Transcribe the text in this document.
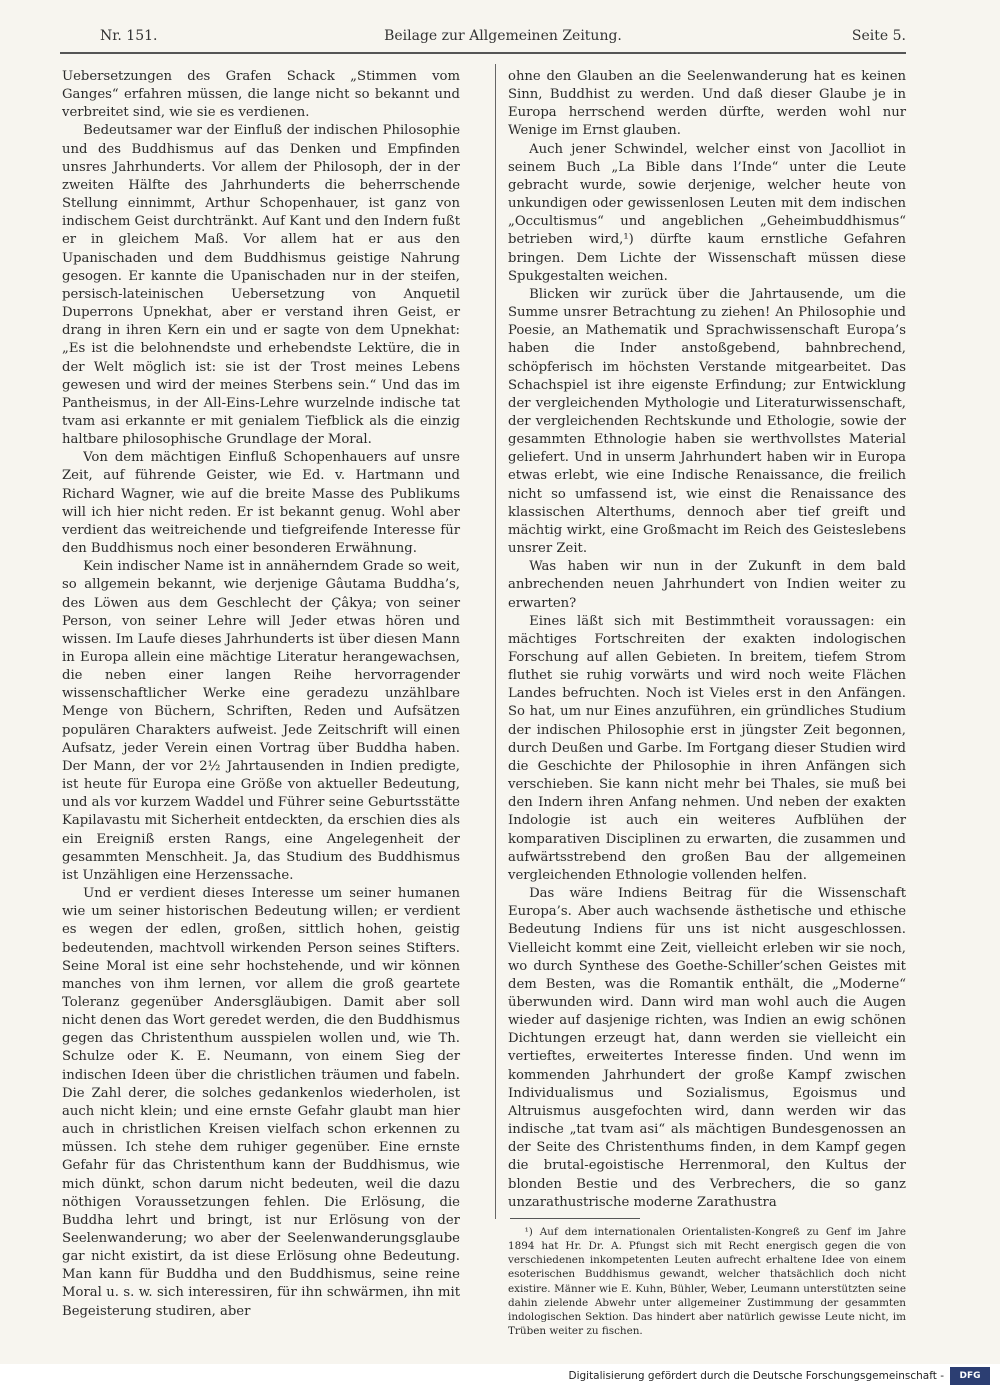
Nr. 151.	Beilage zur Allgemeinen Zeitung.	Seite 5.

Uebersetzungen des Grafen Schack „Stimmen vom Ganges“ erfahren müssen, die lange nicht so bekannt und verbreitet sind, wie sie es verdienen.

Bedeutsamer war der Einfluß der indischen Philosophie und des Buddhismus auf das Denken und Empfinden unsres Jahrhunderts. Vor allem der Philosoph, der in der zweiten Hälfte des Jahrhunderts die beherrschende Stellung einnimmt, Arthur Schopenhauer, ist ganz von indischem Geist durchtränkt. Auf Kant und den Indern fußt er in gleichem Maß. Vor allem hat er aus den Upanischaden und dem Buddhismus geistige Nahrung gesogen. Er kannte die Upanischaden nur in der steifen, persisch-lateinischen Uebersetzung von Anquetil Duperrons Upnekhat, aber er verstand ihren Geist, er drang in ihren Kern ein und er sagte von dem Upnekhat: „Es ist die belohnendste und erhebendste Lektüre, die in der Welt möglich ist: sie ist der Trost meines Lebens gewesen und wird der meines Sterbens sein.“ Und das im Pantheismus, in der All-Eins-Lehre wurzelnde indische tat tvam asi erkannte er mit genialem Tiefblick als die einzig haltbare philosophische Grundlage der Moral.

Von dem mächtigen Einfluß Schopenhauers auf unsre Zeit, auf führende Geister, wie Ed. v. Hartmann und Richard Wagner, wie auf die breite Masse des Publikums will ich hier nicht reden. Er ist bekannt genug. Wohl aber verdient das weitreichende und tiefgreifende Interesse für den Buddhismus noch einer besonderen Erwähnung.

Kein indischer Name ist in annäherndem Grade so weit, so allgemein bekannt, wie derjenige Gâutama Buddha’s, des Löwen aus dem Geschlecht der Çâkya; von seiner Person, von seiner Lehre will Jeder etwas hören und wissen. Im Laufe dieses Jahrhunderts ist über diesen Mann in Europa allein eine mächtige Literatur herangewachsen, die neben einer langen Reihe hervorragender wissenschaftlicher Werke eine geradezu unzählbare Menge von Büchern, Schriften, Reden und Aufsätzen populären Charakters aufweist. Jede Zeitschrift will einen Aufsatz, jeder Verein einen Vortrag über Buddha haben. Der Mann, der vor 2½ Jahrtausenden in Indien predigte, ist heute für Europa eine Größe von aktueller Bedeutung, und als vor kurzem Waddel und Führer seine Geburtsstätte Kapilavastu mit Sicherheit entdeckten, da erschien dies als ein Ereigniß ersten Rangs, eine Angelegenheit der gesammten Menschheit. Ja, das Studium des Buddhismus ist Unzähligen eine Herzenssache.

Und er verdient dieses Interesse um seiner humanen wie um seiner historischen Bedeutung willen; er verdient es wegen der edlen, großen, sittlich hohen, geistig bedeutenden, machtvoll wirkenden Person seines Stifters. Seine Moral ist eine sehr hochstehende, und wir können manches von ihm lernen, vor allem die groß geartete Toleranz gegenüber Andersgläubigen. Damit aber soll nicht denen das Wort geredet werden, die den Buddhismus gegen das Christenthum ausspielen wollen und, wie Th. Schulze oder K. E. Neumann, von einem Sieg der indischen Ideen über die christlichen träumen und fabeln. Die Zahl derer, die solches gedankenlos wiederholen, ist auch nicht klein; und eine ernste Gefahr glaubt man hier auch in christlichen Kreisen vielfach schon erkennen zu müssen. Ich stehe dem ruhiger gegenüber. Eine ernste Gefahr für das Christenthum kann der Buddhismus, wie mich dünkt, schon darum nicht bedeuten, weil die dazu nöthigen Voraussetzungen fehlen. Die Erlösung, die Buddha lehrt und bringt, ist nur Erlösung von der Seelenwanderung; wo aber der Seelenwanderungsglaube gar nicht existirt, da ist diese Erlösung ohne Bedeutung. Man kann für Buddha und den Buddhismus, seine reine Moral u. s. w. sich interessiren, für ihn schwärmen, ihn mit Begeisterung studiren, aber

ohne den Glauben an die Seelenwanderung hat es keinen Sinn, Buddhist zu werden. Und daß dieser Glaube je in Europa herrschend werden dürfte, werden wohl nur Wenige im Ernst glauben.

Auch jener Schwindel, welcher einst von Jacolliot in seinem Buch „La Bible dans l’Inde“ unter die Leute gebracht wurde, sowie derjenige, welcher heute von unkundigen oder gewissenlosen Leuten mit dem indischen „Occultismus“ und angeblichen „Geheimbuddhismus“ betrieben wird,¹) dürfte kaum ernstliche Gefahren bringen. Dem Lichte der Wissenschaft müssen diese Spukgestalten weichen.

Blicken wir zurück über die Jahrtausende, um die Summe unsrer Betrachtung zu ziehen! An Philosophie und Poesie, an Mathematik und Sprachwissenschaft Europa’s haben die Inder anstoßgebend, bahnbrechend, schöpferisch im höchsten Verstande mitgearbeitet. Das Schachspiel ist ihre eigenste Erfindung; zur Entwicklung der vergleichenden Mythologie und Literaturwissenschaft, der vergleichenden Rechtskunde und Ethologie, sowie der gesammten Ethnologie haben sie werthvollstes Material geliefert. Und in unserm Jahrhundert haben wir in Europa etwas erlebt, wie eine Indische Renaissance, die freilich nicht so umfassend ist, wie einst die Renaissance des klassischen Alterthums, dennoch aber tief greift und mächtig wirkt, eine Großmacht im Reich des Geisteslebens unsrer Zeit.

Was haben wir nun in der Zukunft in dem bald anbrechenden neuen Jahrhundert von Indien weiter zu erwarten?

Eines läßt sich mit Bestimmtheit voraussagen: ein mächtiges Fortschreiten der exakten indologischen Forschung auf allen Gebieten. In breitem, tiefem Strom fluthet sie ruhig vorwärts und wird noch weite Flächen Landes befruchten. Noch ist Vieles erst in den Anfängen. So hat, um nur Eines anzuführen, ein gründliches Studium der indischen Philosophie erst in jüngster Zeit begonnen, durch Deußen und Garbe. Im Fortgang dieser Studien wird die Geschichte der Philosophie in ihren Anfängen sich verschieben. Sie kann nicht mehr bei Thales, sie muß bei den Indern ihren Anfang nehmen. Und neben der exakten Indologie ist auch ein weiteres Aufblühen der komparativen Disciplinen zu erwarten, die zusammen und aufwärtsstrebend den großen Bau der allgemeinen vergleichenden Ethnologie vollenden helfen.

Das wäre Indiens Beitrag für die Wissenschaft Europa’s. Aber auch wachsende ästhetische und ethische Bedeutung Indiens für uns ist nicht ausgeschlossen. Vielleicht kommt eine Zeit, vielleicht erleben wir sie noch, wo durch Synthese des Goethe-Schiller’schen Geistes mit dem Besten, was die Romantik enthält, die „Moderne“ überwunden wird. Dann wird man wohl auch die Augen wieder auf dasjenige richten, was Indien an ewig schönen Dichtungen erzeugt hat, dann werden sie vielleicht ein vertieftes, erweitertes Interesse finden. Und wenn im kommenden Jahrhundert der große Kampf zwischen Individualismus und Sozialismus, Egoismus und Altruismus ausgefochten wird, dann werden wir das indische „tat tvam asi“ als mächtigen Bundesgenossen an der Seite des Christenthums finden, in dem Kampf gegen die brutal-egoistische Herrenmoral, den Kultus der blonden Bestie und des Verbrechers, die so ganz unzarathustrische moderne Zarathustra

¹) Auf dem internationalen Orientalisten-Kongreß zu Genf im Jahre 1894 hat Hr. Dr. A. Pfungst sich mit Recht energisch gegen die von verschiedenen inkompetenten Leuten aufrecht erhaltene Idee von einem esoterischen Buddhismus gewandt, welcher thatsächlich doch nicht existire. Männer wie E. Kuhn, Bühler, Weber, Leumann unterstützten seine dahin zielende Abwehr unter allgemeiner Zustimmung der gesammten indologischen Sektion. Das hindert aber natürlich gewisse Leute nicht, im Trüben weiter zu fischen.

Digitalisierung gefördert durch die Deutsche Forschungsgemeinschaft -	DFG
